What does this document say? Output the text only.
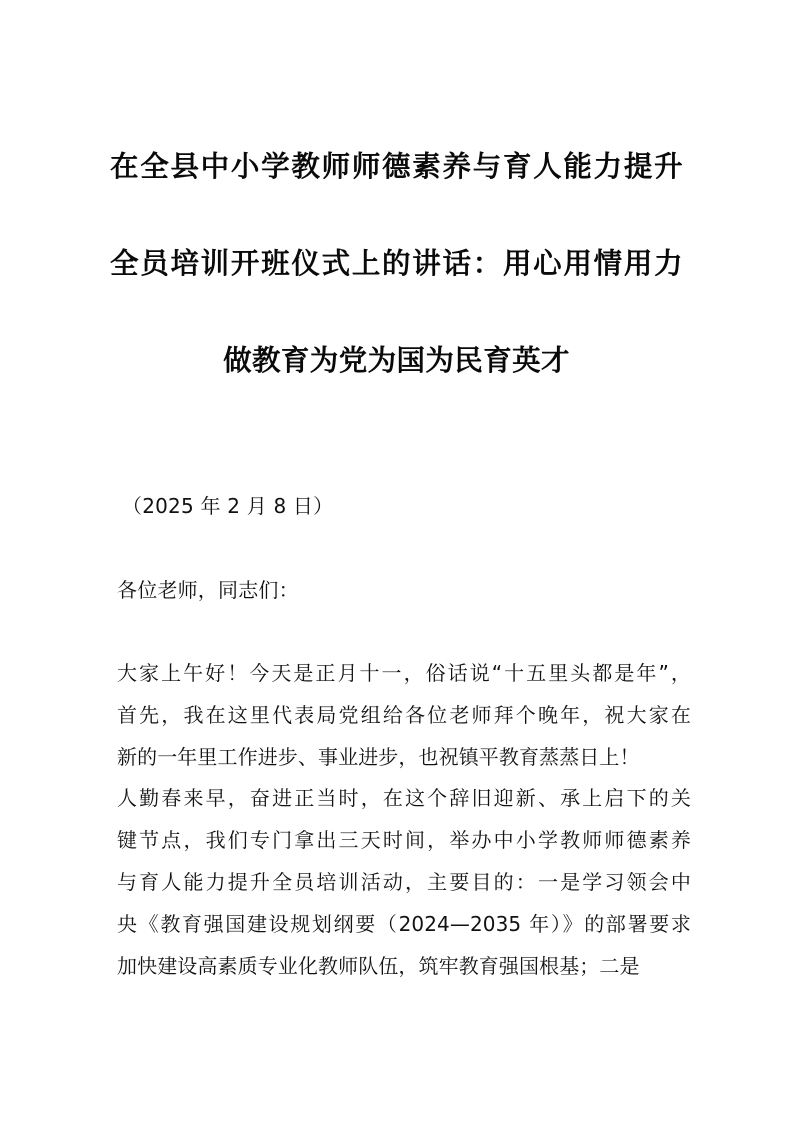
在全县中小学教师师德素养与育人能力提升
全员培训开班仪式上的讲话：用心用情用力
做教育为党为国为民育英才
（2025 年 2 月 8 日）
各位老师，同志们：
大家上午好！今天是正月十一，俗话说“十五里头都是年”，
首先，我在这里代表局党组给各位老师拜个晚年，祝大家在
新的一年里工作进步、事业进步，也祝镇平教育蒸蒸日上！
人勤春来早，奋进正当时，在这个辞旧迎新、承上启下的关
键节点，我们专门拿出三天时间，举办中小学教师师德素养
与育人能力提升全员培训活动，主要目的：一是学习领会中
央《教育强国建设规划纲要（2024—2035 年）》的部署要求
加快建设高素质专业化教师队伍，筑牢教育强国根基；二是
